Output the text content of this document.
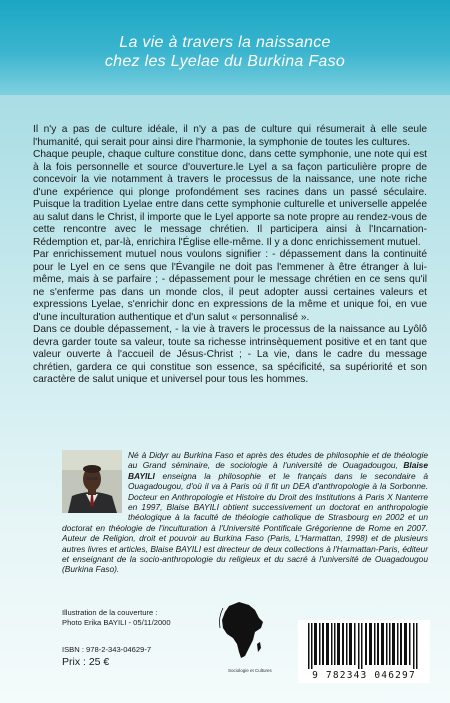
La vie à travers la naissance
chez les Lyelae du Burkina Faso

Il n'y a pas de culture idéale, il n'y a pas de culture qui résumerait à elle seule l'humanité, qui serait pour ainsi dire l'harmonie, la symphonie de toutes les cultures.

Chaque peuple, chaque culture constitue donc, dans cette symphonie, une note qui est à la fois personnelle et source d'ouverture.le Lyel a sa façon particulière propre de concevoir la vie notamment à travers le processus de la naissance, une note riche d'une expérience qui plonge profondément ses racines dans un passé séculaire. Puisque la tradition Lyelae entre dans cette symphonie culturelle et universelle appelée au salut dans le Christ, il importe que le Lyel apporte sa note propre au rendez-vous de cette rencontre avec le message chrétien. Il participera ainsi à l'Incarnation-Rédemption et, par-là, enrichira l'Église elle-même. Il y a donc enrichissement mutuel.

Par enrichissement mutuel nous voulons signifier : - dépassement dans la continuité pour le Lyel en ce sens que l'Évangile ne doit pas l'emmener à être étranger à lui-même, mais à se parfaire ; - dépassement pour le message chrétien en ce sens qu'il ne s'enferme pas dans un monde clos, il peut adopter aussi certaines valeurs et expressions Lyelae, s'enrichir donc en expressions de la même et unique foi, en vue d'une inculturation authentique et d'un salut « personnalisé ».

Dans ce double dépassement, - la vie à travers le processus de la naissance au Lyôlô devra garder toute sa valeur, toute sa richesse intrinsèquement positive et en tant que valeur ouverte à l'accueil de Jésus-Christ ; - La vie, dans le cadre du message chrétien, gardera ce qui constitue son essence, sa spécificité, sa supériorité et son caractère de salut unique et universel pour tous les hommes.

Né à Didyr au Burkina Faso et après des études de philosophie et de théologie au Grand séminaire, de sociologie à l'université de Ouagadougou, Blaise BAYILI enseigna la philosophie et le français dans le secondaire à Ouagadougou, d'où il va à Paris où il fit un DEA d'anthropologie à la Sorbonne. Docteur en Anthropologie et Histoire du Droit des Institutions à Paris X Nanterre en 1997, Blaise BAYILI obtient successivement un doctorat en anthropologie théologique à la faculté de théologie catholique de Strasbourg en 2002 et un doctorat en théologie de l'inculturation à l'Université Pontificale Grégorienne de Rome en 2007. Auteur de Religion, droit et pouvoir au Burkina Faso (Paris, L'Harmattan, 1998) et de plusieurs autres livres et articles, Blaise BAYILI est directeur de deux collections à l'Harmattan-Paris, éditeur et enseignant de la socio-anthropologie du religieux et du sacré à l'université de Ouagadougou (Burkina Faso).
Illustration de la couverture :
Photo Erika BAYILI - 05/11/2000
ISBN : 978-2-343-04629-7
Prix : 25 €
Sociologie et Cultures	9 782343 046297
